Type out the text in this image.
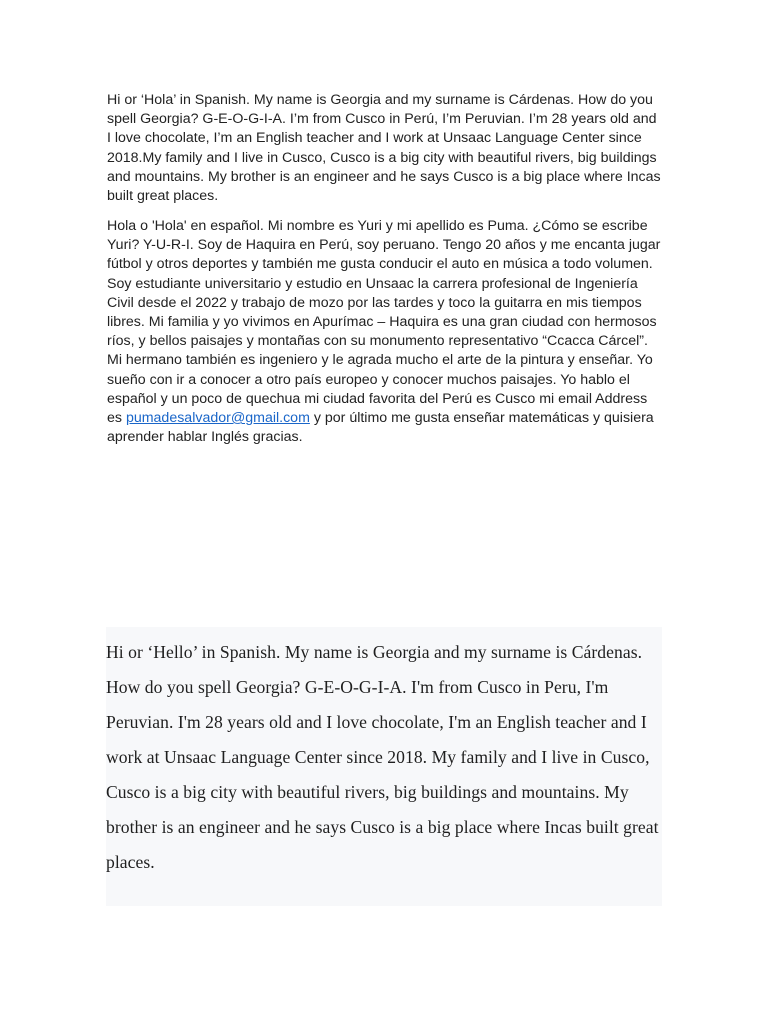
Hi or ‘Hola’ in Spanish. My name is Georgia and my surname is Cárdenas. How do you spell Georgia? G-E-O-G-I-A. I’m from Cusco in Perú, I’m Peruvian. I’m 28 years old and I love chocolate, I’m an English teacher and I work at Unsaac Language Center since 2018.My family and I live in Cusco, Cusco is a big city with beautiful rivers, big buildings and mountains. My brother is an engineer and he says Cusco is a big place where Incas built great places.

Hola o 'Hola' en español. Mi nombre es Yuri y mi apellido es Puma. ¿Cómo se escribe Yuri? Y-U-R-I. Soy de Haquira en Perú, soy peruano. Tengo 20 años y me encanta jugar fútbol y otros deportes y también me gusta conducir el auto en música a todo volumen. Soy estudiante universitario y estudio en Unsaac la carrera profesional de Ingeniería Civil desde el 2022 y trabajo de mozo por las tardes y toco la guitarra en mis tiempos libres. Mi familia y yo vivimos en Apurímac – Haquira es una gran ciudad con hermosos ríos, y bellos paisajes y montañas con su monumento representativo “Ccacca Cárcel”. Mi hermano también es ingeniero y le agrada mucho el arte de la pintura y enseñar. Yo sueño con ir a conocer a otro país europeo y conocer muchos paisajes. Yo hablo el español y un poco de quechua mi ciudad favorita del Perú es Cusco mi email Address es pumadesalvador@gmail.com y por último me gusta enseñar matemáticas y quisiera aprender hablar Inglés gracias.

Hi or ‘Hello’ in Spanish. My name is Georgia and my surname is Cárdenas. How do you spell Georgia? G-E-O-G-I-A. I'm from Cusco in Peru, I'm Peruvian. I'm 28 years old and I love chocolate, I'm an English teacher and I work at Unsaac Language Center since 2018. My family and I live in Cusco, Cusco is a big city with beautiful rivers, big buildings and mountains. My brother is an engineer and he says Cusco is a big place where Incas built great places.
